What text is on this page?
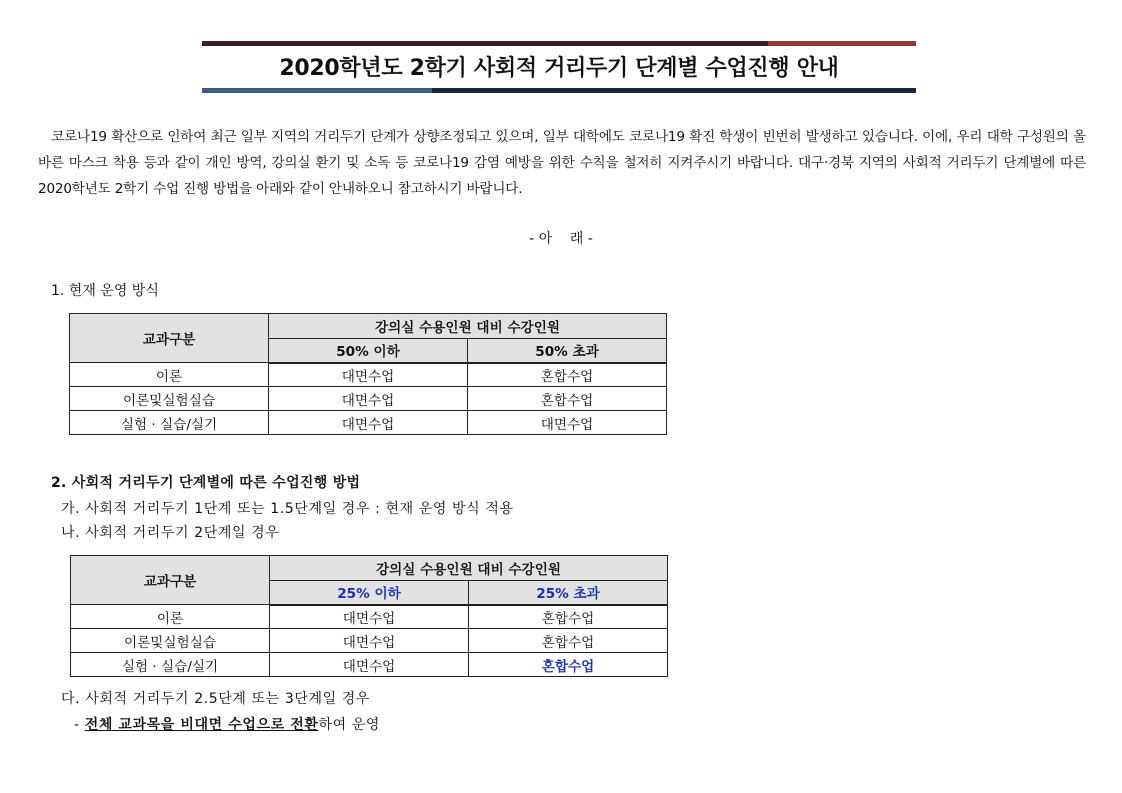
2020학년도 2학기 사회적 거리두기 단계별 수업진행 안내
코로나19 확산으로 인하여 최근 일부 지역의 거리두기 단계가 상향조정되고 있으며, 일부 대학에도 코로나19 확진 학생이 빈번히 발생하고 있습니다. 이에, 우리 대학 구성원의 올바른 마스크 착용 등과 같이 개인 방역, 강의실 환기 및 소독 등 코로나19 감염 예방을 위한 수칙을 철저히 지켜주시기 바랍니다. 대구·경북 지역의 사회적 거리두기 단계별에 따른 2020학년도 2학기 수업 진행 방법을 아래와 같이 안내하오니 참고하시기 바랍니다.
- 아    래 -
1. 현재 운영 방식
교과구분	강의실 수용인원 대비 수강인원	
	50% 이하	50% 초과
이론	대면수업	혼합수업
이론및실험실습	대면수업	혼합수업
실험 · 실습/실기	대면수업	대면수업
2. 사회적 거리두기 단계별에 따른 수업진행 방법
가. 사회적 거리두기 1단계 또는 1.5단계일 경우 : 현재 운영 방식 적용
나. 사회적 거리두기 2단계일 경우
교과구분	강의실 수용인원 대비 수강인원	
	25% 이하	25% 초과
이론	대면수업	혼합수업
이론및실험실습	대면수업	혼합수업
실험 · 실습/실기	대면수업	혼합수업
다. 사회적 거리두기 2.5단계 또는 3단계일 경우
- 전체 교과목을 비대면 수업으로 전환하여 운영
